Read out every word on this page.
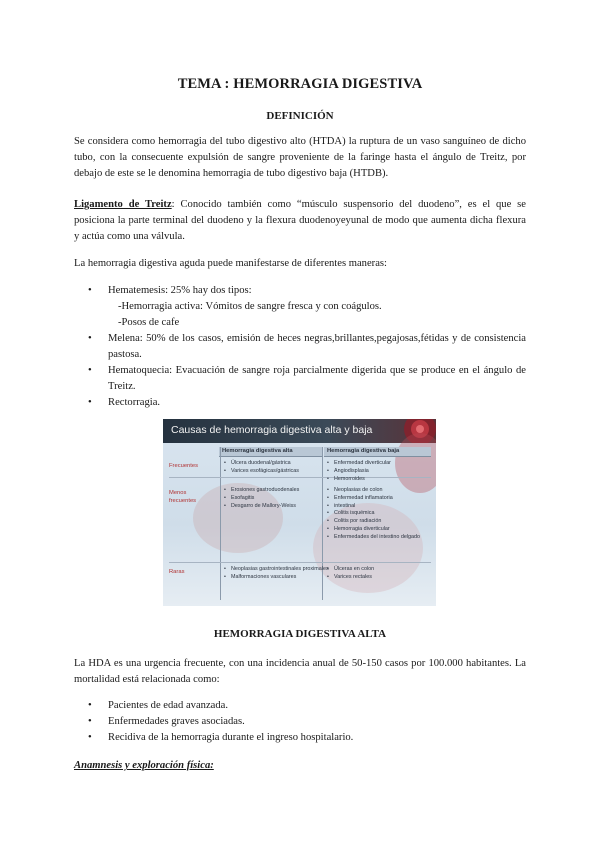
TEMA : HEMORRAGIA DIGESTIVA
DEFINICIÓN

Se considera como hemorragia del tubo digestivo alto (HTDA) la ruptura de un vaso sanguíneo de dicho tubo, con la consecuente expulsión de sangre proveniente de la faringe hasta el ángulo de Treitz, por debajo de este se le denomina hemorragia de tubo digestivo baja (HTDB).

Ligamento de Treitz: Conocido también como “músculo suspensorio del duodeno”, es el que se posiciona la parte terminal del duodeno y la flexura duodenoyeyunal de modo que aumenta dicha flexura y actúa como una válvula.

La hemorragia digestiva aguda puede manifestarse de diferentes maneras:

• Hematemesis: 25% hay dos tipos:
-Hemorragia activa: Vómitos de sangre fresca y con coágulos.
-Posos de cafe
• Melena: 50% de los casos, emisión de heces negras,brillantes,pegajosas,fétidas y de consistencia pastosa.
• Hematoquecia: Evacuación de sangre roja parcialmente digerida que se produce en el ángulo de Treitz.
• Rectorragia.
Causas de hemorragia digestiva alta y baja
Hemorragia digestiva alta	Hemorragia digestiva baja
Frecuentes
Menos frecuentes
Raras
• Úlcera duodenal/gástrica
• Varices esofágicas/gástricas
• Enfermedad diverticular
• Angiodisplasia
• Hemorroides
• Erosiones gastroduodenales
• Esofagitis
• Desgarro de Mallory-Weiss
• Neoplasias de colon
• Enfermedad inflamatoria
• intestinal
• Colitis isquémica
• Colitis por radiación
• Hemorragia diverticular
• Enfermedades del intestino delgado
• Neoplasias gastrointestinales proximales
• Malformaciones vasculares
• Úlceras en colon
• Varices rectales
HEMORRAGIA DIGESTIVA ALTA

La HDA es una urgencia frecuente, con una incidencia anual de 50-150 casos por 100.000 habitantes. La mortalidad está relacionada como:

• Pacientes de edad avanzada.
• Enfermedades graves asociadas.
• Recidiva de la hemorragia durante el ingreso hospitalario.

Anamnesis y exploración física:
